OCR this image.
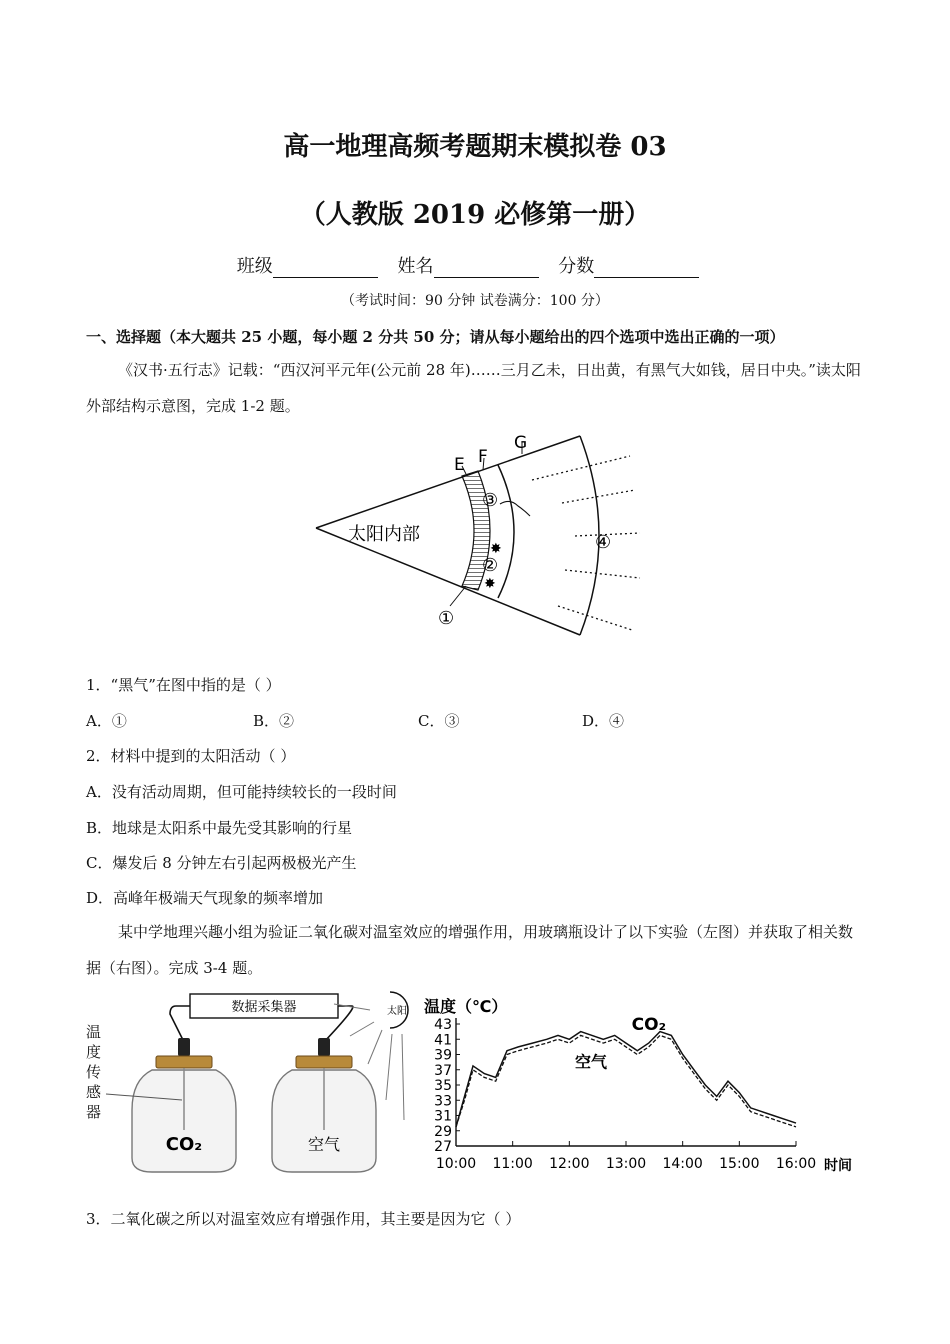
高一地理高频考题期末模拟卷 03
（人教版 2019 必修第一册）
班级	姓名	分数
（考试时间：90 分钟 试卷满分：100 分）
一、选择题（本大题共 25 小题，每小题 2 分共 50 分；请从每小题给出的四个选项中选出正确的一项）
《汉书·五行志》记载：“西汉河平元年(公元前 28 年)……三月乙未，日出黄，有黑气大如钱，居日中央。”读太阳外部结构示意图，完成 1-2 题。
E F
G
太阳内部
③
✸
②
✸
④
①
1．“黑气”在图中指的是（ ）
A．①	B．②	C．③	D．④
2．材料中提到的太阳活动（ ）
A．没有活动周期，但可能持续较长的一段时间
B．地球是太阳系中最先受其影响的行星
C．爆发后 8 分钟左右引起两极极光产生
D．高峰年极端天气现象的频率增加
某中学地理兴趣小组为验证二氧化碳对温室效应的增强作用，用玻璃瓶设计了以下实验（左图）并获取了相关数据（右图）。完成 3-4 题。
数据采集器
CO₂	空气
温度传感器
太阳 温度（℃）
时间
27
29
31
33
35
37
39
41
43
10:00 11:00 12:00 13:00 14:00 15:00 16:00
CO₂
空气
3．二氧化碳之所以对温室效应有增强作用，其主要是因为它（ ）
